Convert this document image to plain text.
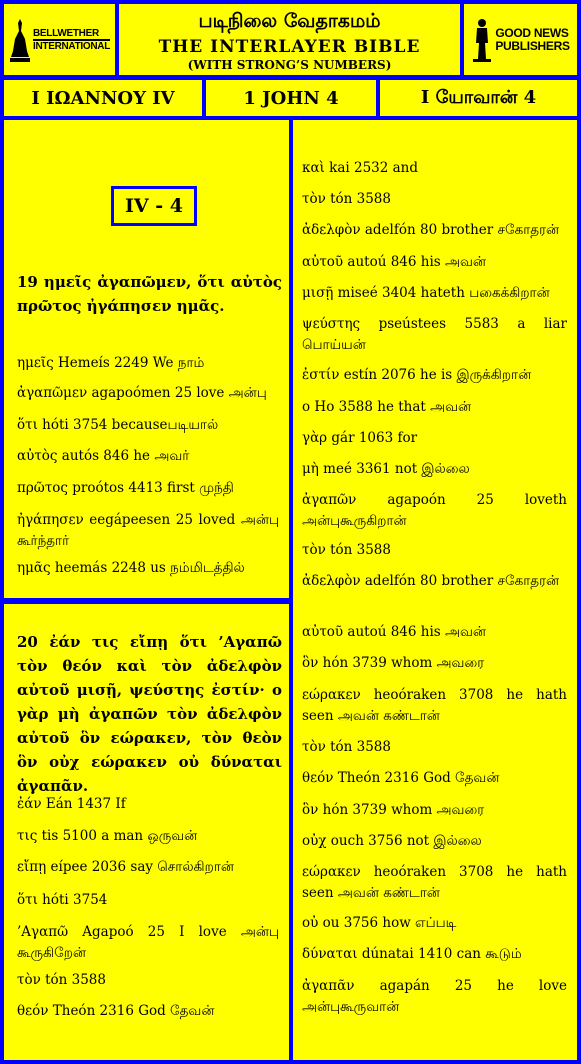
BELLWETHER
INTERNATIONAL
படிநிலை வேதாகமம்
THE INTERLAYER BIBLE
(WITH STRONG’S NUMBERS)
GOOD NEWS
PUBLISHERS
I ΙΩΑΝΝΟΥ IV	1 JOHN 4	I யோவான் 4
IV - 4
19 ημεῖς ἀγαπῶμεν, ὅτι αὐτὸς πρῶτος ἠγάπησεν ημᾶς.
ημεῖς Hemeís 2249 We நாம்
ἀγαπῶμεν agapoómen 25 love அன்பு
ὅτι hóti 3754 becauseபடியால்
αὐτὸς autós 846 he அவர்
πρῶτος proótos 4413 first முந்தி
ἠγάπησεν eegápeesen 25 loved அன்பு கூர்ந்தார்
ημᾶς heemás 2248 us நம்மிடத்தில்
20 ἐάν τις εἴπῃ ὅτι ’Αγαπῶ τὸν θεόν καὶ τὸν ἀδελφὸν αὐτοῦ μισῇ, ψεύστης ἐστίν· ο γὰρ μὴ ἀγαπῶν τὸν ἀδελφὸν αὐτοῦ ὃν εώρακεν, τὸν θεὸν ὃν οὐχ εώρακεν οὐ δύναται ἀγαπᾶν.
ἐάν Eán 1437 If
τις tis 5100 a man ஒருவன்
εἴπῃ eípee 2036 say சொல்கிறான்
ὅτι hóti 3754
’Αγαπῶ Agapoó 25 I love அன்பு கூருகிறேன்
τὸν tón 3588
θεόν Theón 2316 God தேவன்
καὶ kai 2532 and
τὸν tón 3588
ἀδελφὸν adelfón 80 brother சகோதரன்
αὐτοῦ autoú 846 his அவன்
μισῇ miseé 3404 hateth பகைக்கிறான்
ψεύστης pseústees 5583 a liar பொய்யன்
ἐστίν estín 2076 he is இருக்கிறான்
ο Ho 3588 he that அவன்
γὰρ gár 1063 for
μὴ meé 3361 not இல்லை
ἀγαπῶν agapoón 25 loveth அன்புகூருகிறான்
τὸν tón 3588
ἀδελφὸν adelfón 80 brother சகோதரன்
αὐτοῦ autoú 846 his அவன்
ὃν hón 3739 whom அவரை
εώρακεν heoóraken 3708 he hath seen அவன் கண்டான்
τὸν tón 3588
θεόν Theón 2316 God தேவன்
ὃν hón 3739 whom அவரை
οὐχ ouch 3756 not இல்லை
εώρακεν heoóraken 3708 he hath seen அவன் கண்டான்
οὐ ou 3756 how எப்படி
δύναται dúnatai 1410 can கூடும்
ἀγαπᾶν agapán 25 he love அன்புகூருவான்
